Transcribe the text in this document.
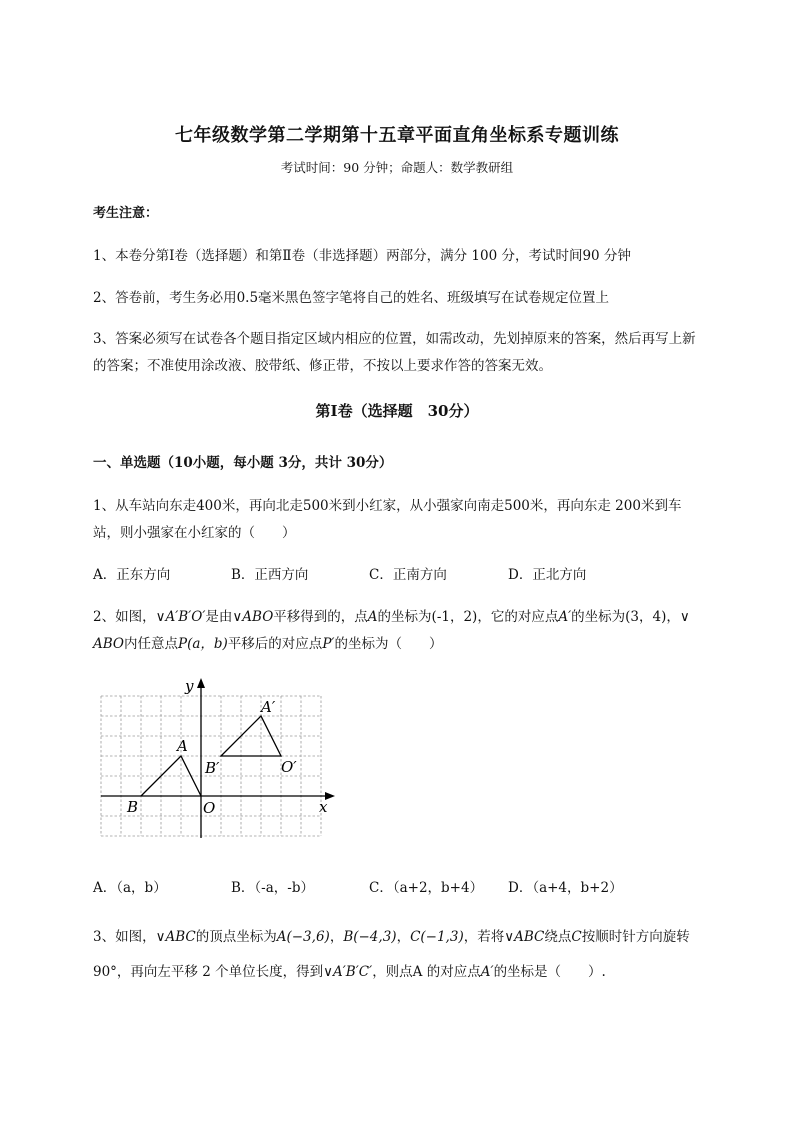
七年级数学第二学期第十五章平面直角坐标系专题训练
考试时间：90 分钟；命题人：数学教研组
考生注意：
1、本卷分第Ⅰ卷（选择题）和第Ⅱ卷（非选择题）两部分，满分 100 分，考试时间90 分钟
2、答卷前，考生务必用0.5毫米黑色签字笔将自己的姓名、班级填写在试卷规定位置上
3、答案必须写在试卷各个题目指定区域内相应的位置，如需改动，先划掉原来的答案，然后再写上新
的答案；不准使用涂改液、胶带纸、修正带，不按以上要求作答的答案无效。
第Ⅰ卷（选择题　30分）
一、单选题（10小题，每小题 3分，共计 30分）
1、从车站向东走400米，再向北走500米到小红家，从小强家向南走500米，再向东走 200米到车
站，则小强家在小红家的（　　）
A．正东方向	B．正西方向	C．正南方向	D．正北方向
2、如图，∨A′B′O′是由∨ABO平移得到的，点A的坐标为(-1，2)，它的对应点A′的坐标为(3，4)，∨
ABO内任意点P(a，b)平移后的对应点P′的坐标为（　　）
y
x
O
A
B
A′
B′	O′
A．（a，b）	B．（-a，-b）	C．（a+2，b+4） D．（a+4，b+2）
3、如图，∨ABC的顶点坐标为A(−3,6)，B(−4,3)，C(−1,3)，若将∨ABC绕点C按顺时针方向旋转
90°，再向左平移 2 个单位长度，得到∨A′B′C′，则点A 的对应点A′的坐标是（　　）.
